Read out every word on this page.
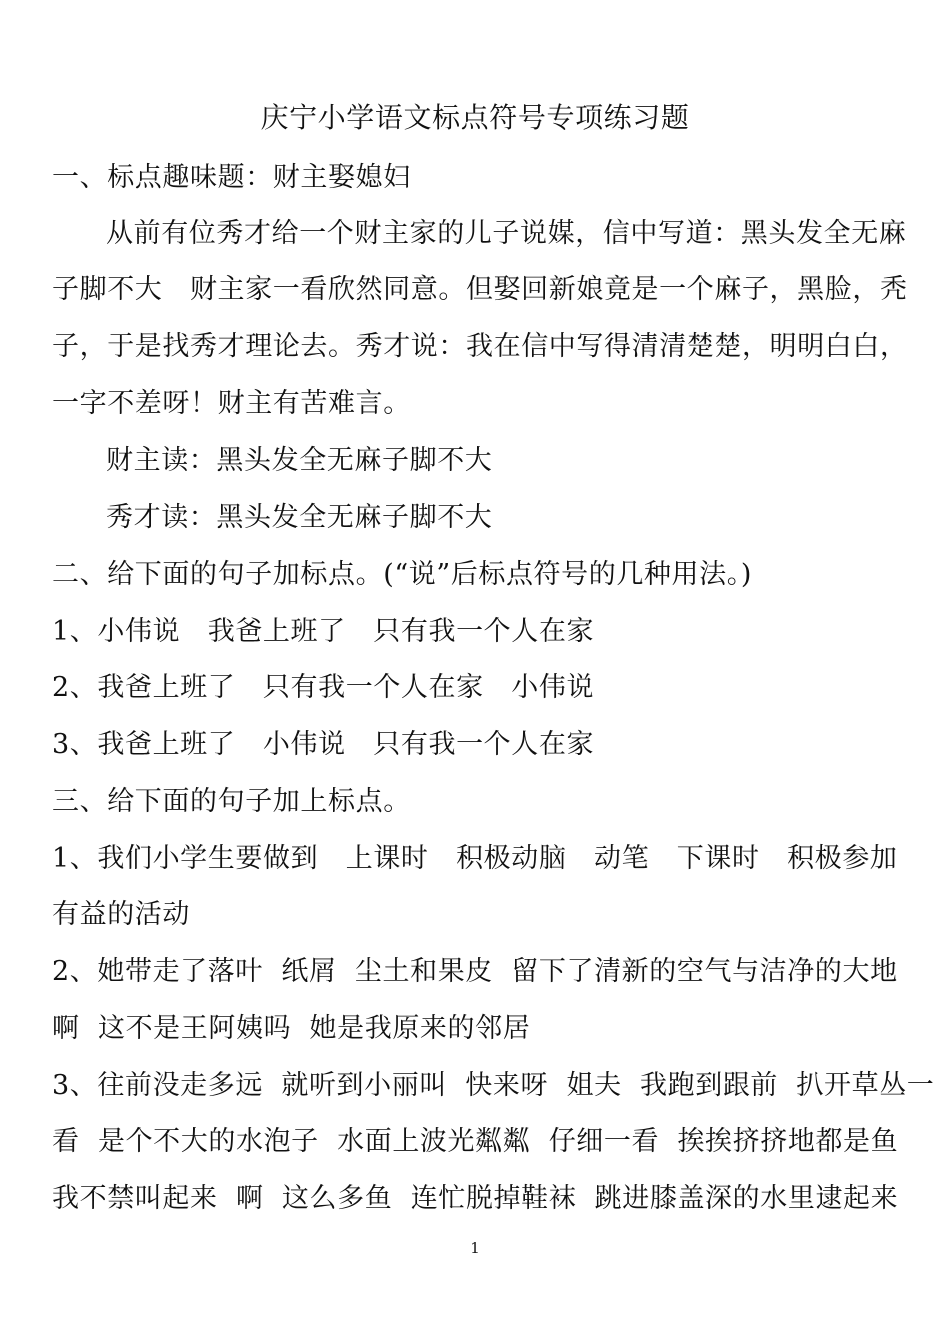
庆宁小学语文标点符号专项练习题

一、标点趣味题：财主娶媳妇

从前有位秀才给一个财主家的儿子说媒，信中写道：黑头发全无麻

子脚不大   财主家一看欣然同意。但娶回新娘竟是一个麻子，黑脸，秃

子，于是找秀才理论去。秀才说：我在信中写得清清楚楚，明明白白，

一字不差呀！财主有苦难言。

财主读：黑头发全无麻子脚不大

秀才读：黑头发全无麻子脚不大

二、给下面的句子加标点。(“说”后标点符号的几种用法。)

1、小伟说   我爸上班了   只有我一个人在家

2、我爸上班了   只有我一个人在家   小伟说

3、我爸上班了   小伟说   只有我一个人在家

三、给下面的句子加上标点。

1、我们小学生要做到   上课时   积极动脑   动笔   下课时   积极参加

有益的活动

2、她带走了落叶  纸屑  尘土和果皮  留下了清新的空气与洁净的大地

啊  这不是王阿姨吗  她是我原来的邻居

3、往前没走多远  就听到小丽叫  快来呀  姐夫  我跑到跟前  扒开草丛一

看  是个不大的水泡子  水面上波光粼粼  仔细一看  挨挨挤挤地都是鱼

我不禁叫起来  啊  这么多鱼  连忙脱掉鞋袜  跳进膝盖深的水里逮起来

1
